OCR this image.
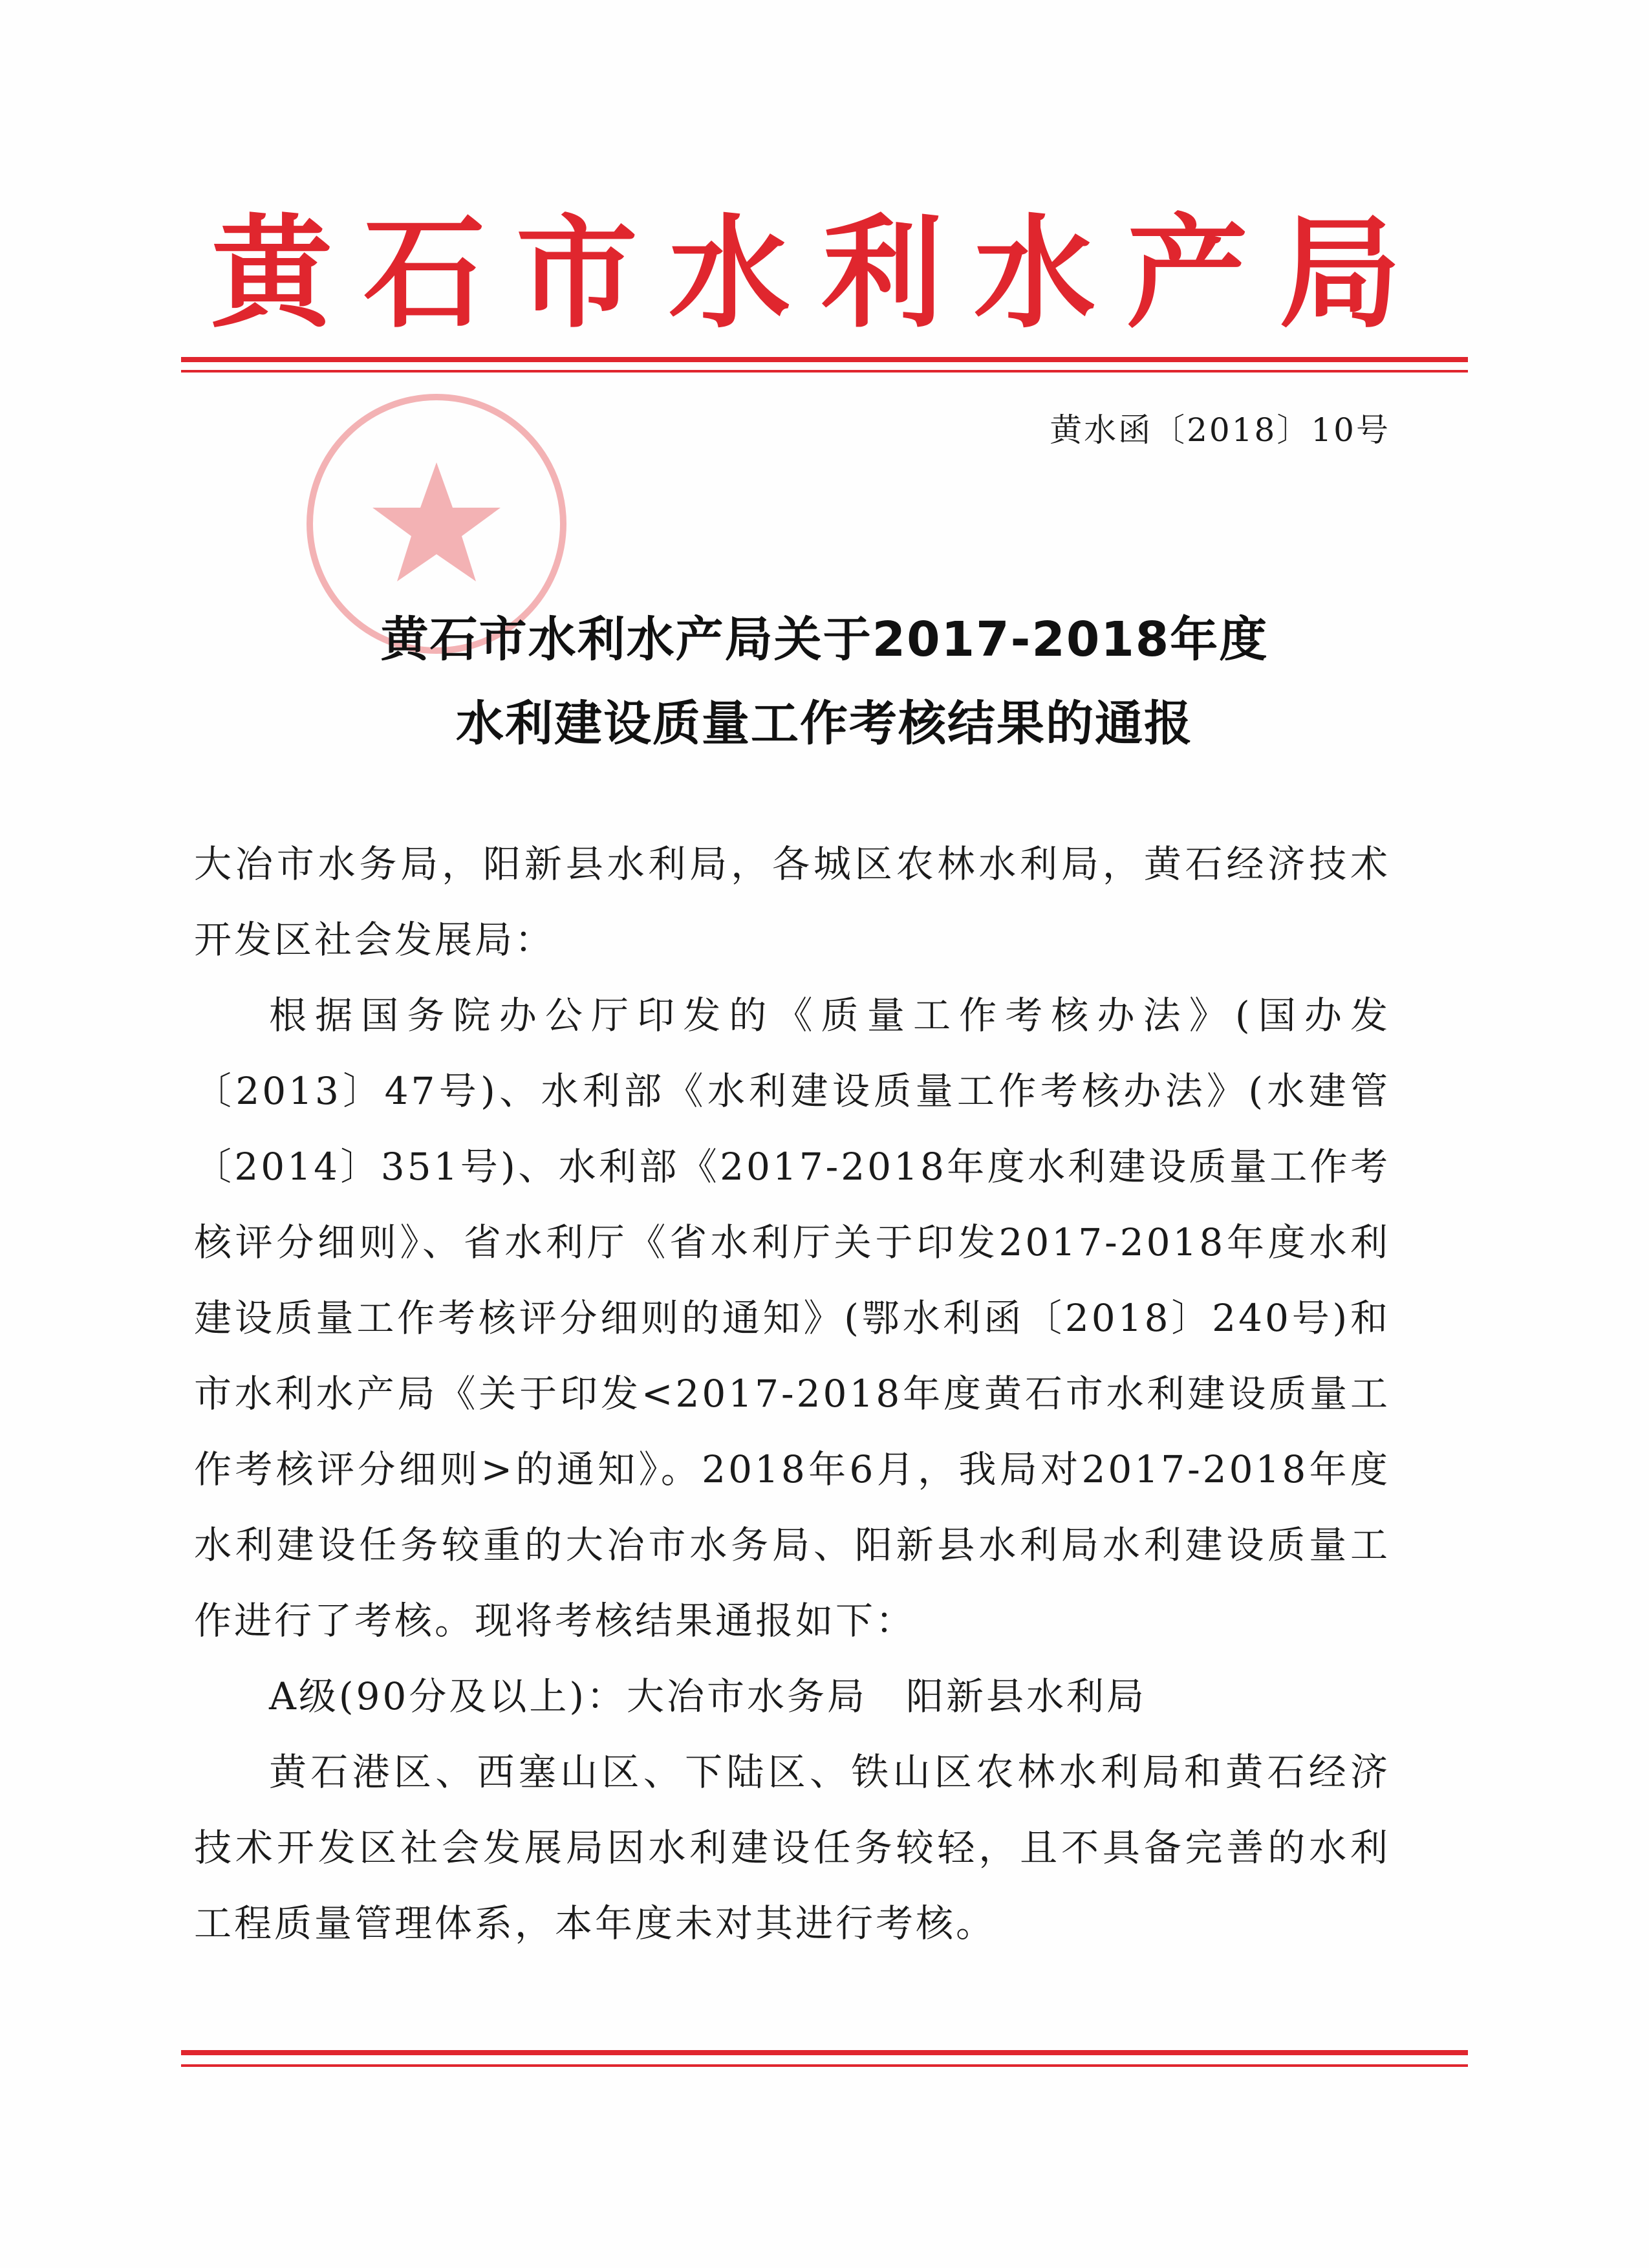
黄石市水利水产局
黄水函〔2018〕10号
黄石市水利水产局关于2017-2018年度
水利建设质量工作考核结果的通报

大冶市水务局，阳新县水利局，各城区农林水利局，黄石经济技术开发区社会发展局：

根据国务院办公厅印发的《质量工作考核办法》(国办发〔2013〕47号)、水利部《水利建设质量工作考核办法》(水建管〔2014〕351号)、水利部《2017-2018年度水利建设质量工作考核评分细则》、省水利厅《省水利厅关于印发2017-2018年度水利建设质量工作考核评分细则的通知》(鄂水利函〔2018〕240号)和市水利水产局《关于印发<2017-2018年度黄石市水利建设质量工作考核评分细则>的通知》。2018年6月，我局对2017-2018年度水利建设任务较重的大冶市水务局、阳新县水利局水利建设质量工作进行了考核。现将考核结果通报如下：

A级(90分及以上)：大冶市水务局 阳新县水利局

黄石港区、西塞山区、下陆区、铁山区农林水利局和黄石经济技术开发区社会发展局因水利建设任务较轻，且不具备完善的水利工程质量管理体系，本年度未对其进行考核。
